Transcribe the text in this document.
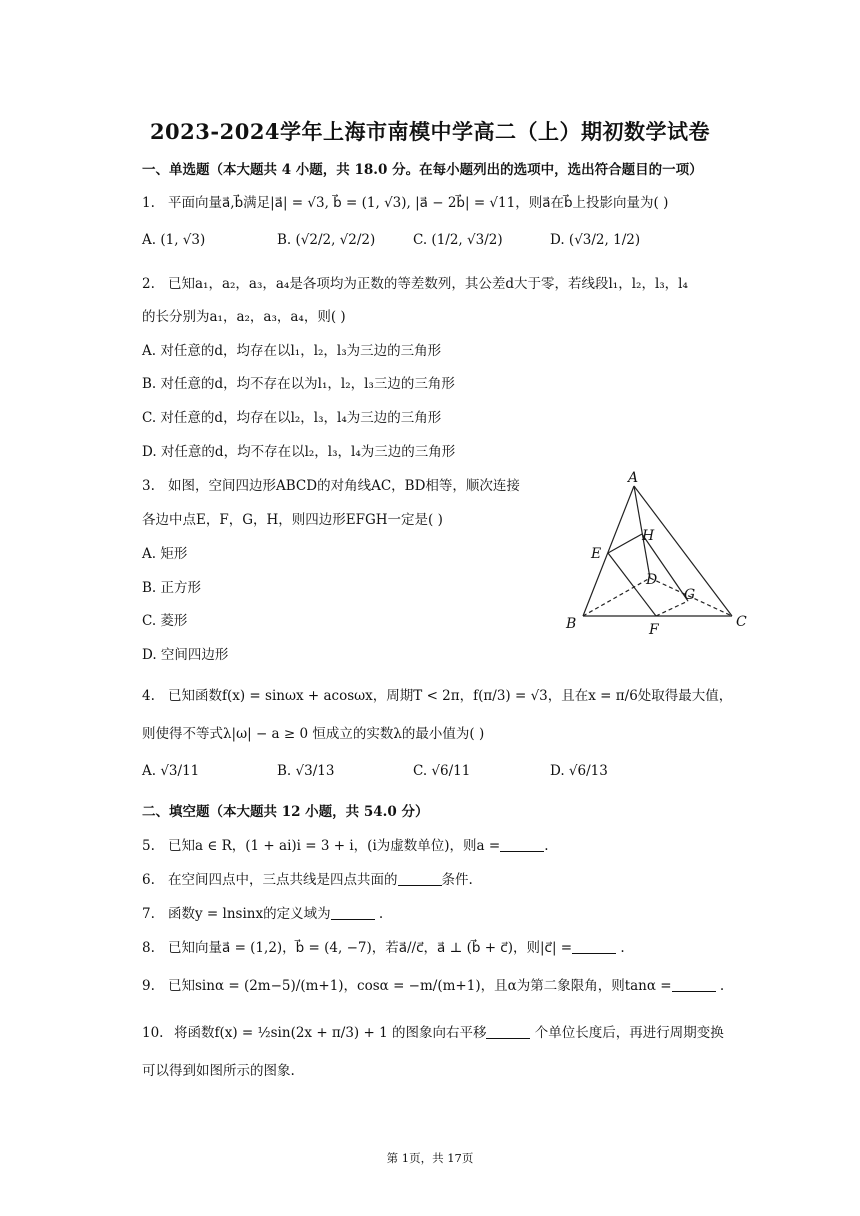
2023-2024学年上海市南模中学高二（上）期初数学试卷
一、单选题（本大题共 4 小题，共 18.0 分。在每小题列出的选项中，选出符合题目的一项）
1. 平面向量a⃗,b⃗满足|a⃗| = √3, b⃗ = (1, √3), |a⃗ − 2b⃗| = √11，则a⃗在b⃗上投影向量为( )
A. (1, √3)	B. (√2/2, √2/2)	C. (1/2, √3/2)	D. (√3/2, 1/2)
2. 已知a₁，a₂，a₃，a₄是各项均为正数的等差数列，其公差d大于零，若线段l₁，l₂，l₃，l₄
的长分别为a₁，a₂，a₃，a₄，则( )
A. 对任意的d，均存在以l₁，l₂，l₃为三边的三角形
B. 对任意的d，均不存在以为l₁，l₂，l₃三边的三角形
C. 对任意的d，均存在以l₂，l₃，l₄为三边的三角形
D. 对任意的d，均不存在以l₂，l₃，l₄为三边的三角形
3. 如图，空间四边形ABCD的对角线AC，BD相等，顺次连接
各边中点E，F，G，H，则四边形EFGH一定是( )
A. 矩形
B. 正方形
C. 菱形
D. 空间四边形
A
B	C
D
E
F
G
H
4. 已知函数f(x) = sinωx + acosωx，周期T < 2π，f(π/3) = √3，且在x = π/6处取得最大值，
则使得不等式λ|ω| − a ≥ 0 恒成立的实数λ的最小值为( )
A. √3/11	B. √3/13	C. √6/11	D. √6/13
二、填空题（本大题共 12 小题，共 54.0 分）
5. 已知a ∈ R，(1 + ai)i = 3 + i，(i为虚数单位)，则a =	.
6. 在空间四点中，三点共线是四点共面的	条件.
7. 函数y = lnsinx的定义域为	.
8. 已知向量a⃗ = (1,2)，b⃗ = (4, −7)，若a⃗//c⃗，a⃗ ⊥ (b⃗ + c⃗)，则|c⃗| =	.
9. 已知sinα = (2m−5)/(m+1)，cosα = −m/(m+1)，且α为第二象限角，则tanα =	.
10. 将函数f(x) = ½sin(2x + π/3) + 1 的图象向右平移	个单位长度后，再进行周期变换
可以得到如图所示的图象.
第 1页，共 17页
